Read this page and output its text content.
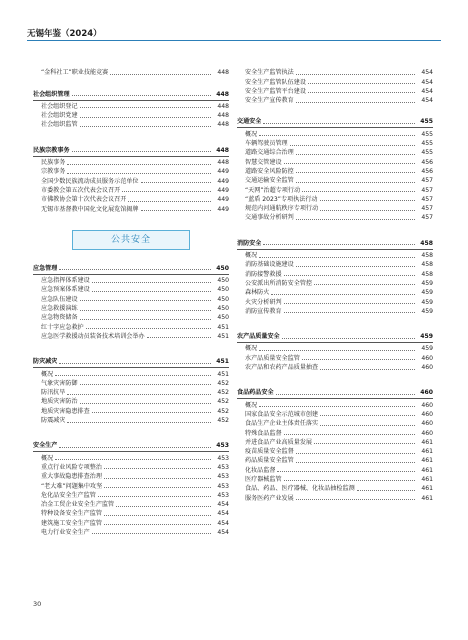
无锡年鉴（2024）
“金科社工”职业技能竞赛	448
社会组织管理	448
社会组织登记	448
社会组织党建	448
社会组织监管	448
民族宗教事务	448
民族事务	448
宗教事务	449
全国少数民族流动成员服务示范单位	449
市委教会第五次代表会议召开	449
市佛教协会第十次代表会议召开	449
无锡市基督教中国化文化展览馆揭牌	449
公共安全
应急管理	450
应急指挥体系建设	450
应急预案体系建设	450
应急队伍建设	450
应急救援演练	450
应急物资储备	450
红十字应急救护	451
应急医学救援动员装备技术培训会举办	451
防灾减灾	451
概况	451
气象灾害防御	452
防汛抗旱	452
地质灾害防治	452
地质灾害隐患排查	452
防震减灾	452
安全生产	453
概况	453
重点行业风险专项整治	453
重大事故隐患排查治理	453
“老大难”问题集中攻坚	453
危化品安全生产监管	453
冶金工贸企业安全生产监管	454
特种设备安全生产监管	454
建筑施工安全生产监管	454
电力行业安全生产	454
安全生产监管执法	454
安全生产监管队伍建设	454
安全生产监管平台建设	454
安全生产宣传教育	454
交通安全	455
概况	455
车辆驾驶员管理	455
道路交通综合治理	455
智慧交管建设	456
道路安全风险防控	456
交通运输安全监管	457
“天网”治超专项行动	457
“蓝盾 2023”专项执法行动	457
规范内河通航秩序专项行动	457
交通事故分析研判	457
消防安全	458
概况	458
消防基础设施建设	458
消防接警救援	458
公安派出所消防安全管控	459
森林防火	459
火灾分析研判	459
消防宣传教育	459
农产品质量安全	459
概况	459
水产品质量安全监管	460
农产品和农药产品质量抽查	460
食品药品安全	460
概况	460
国家食品安全示范城市创建	460
食品生产企业主体责任落实	460
特殊食品监督	460
并进食品产业高质量发展	461
疫苗质量安全监督	461
药品质量安全监管	461
化妆品监督	461
医疗器械监管	461
食品、药品、医疗器械、化妆品抽检监测	461
服务医药产业发展	461
30
